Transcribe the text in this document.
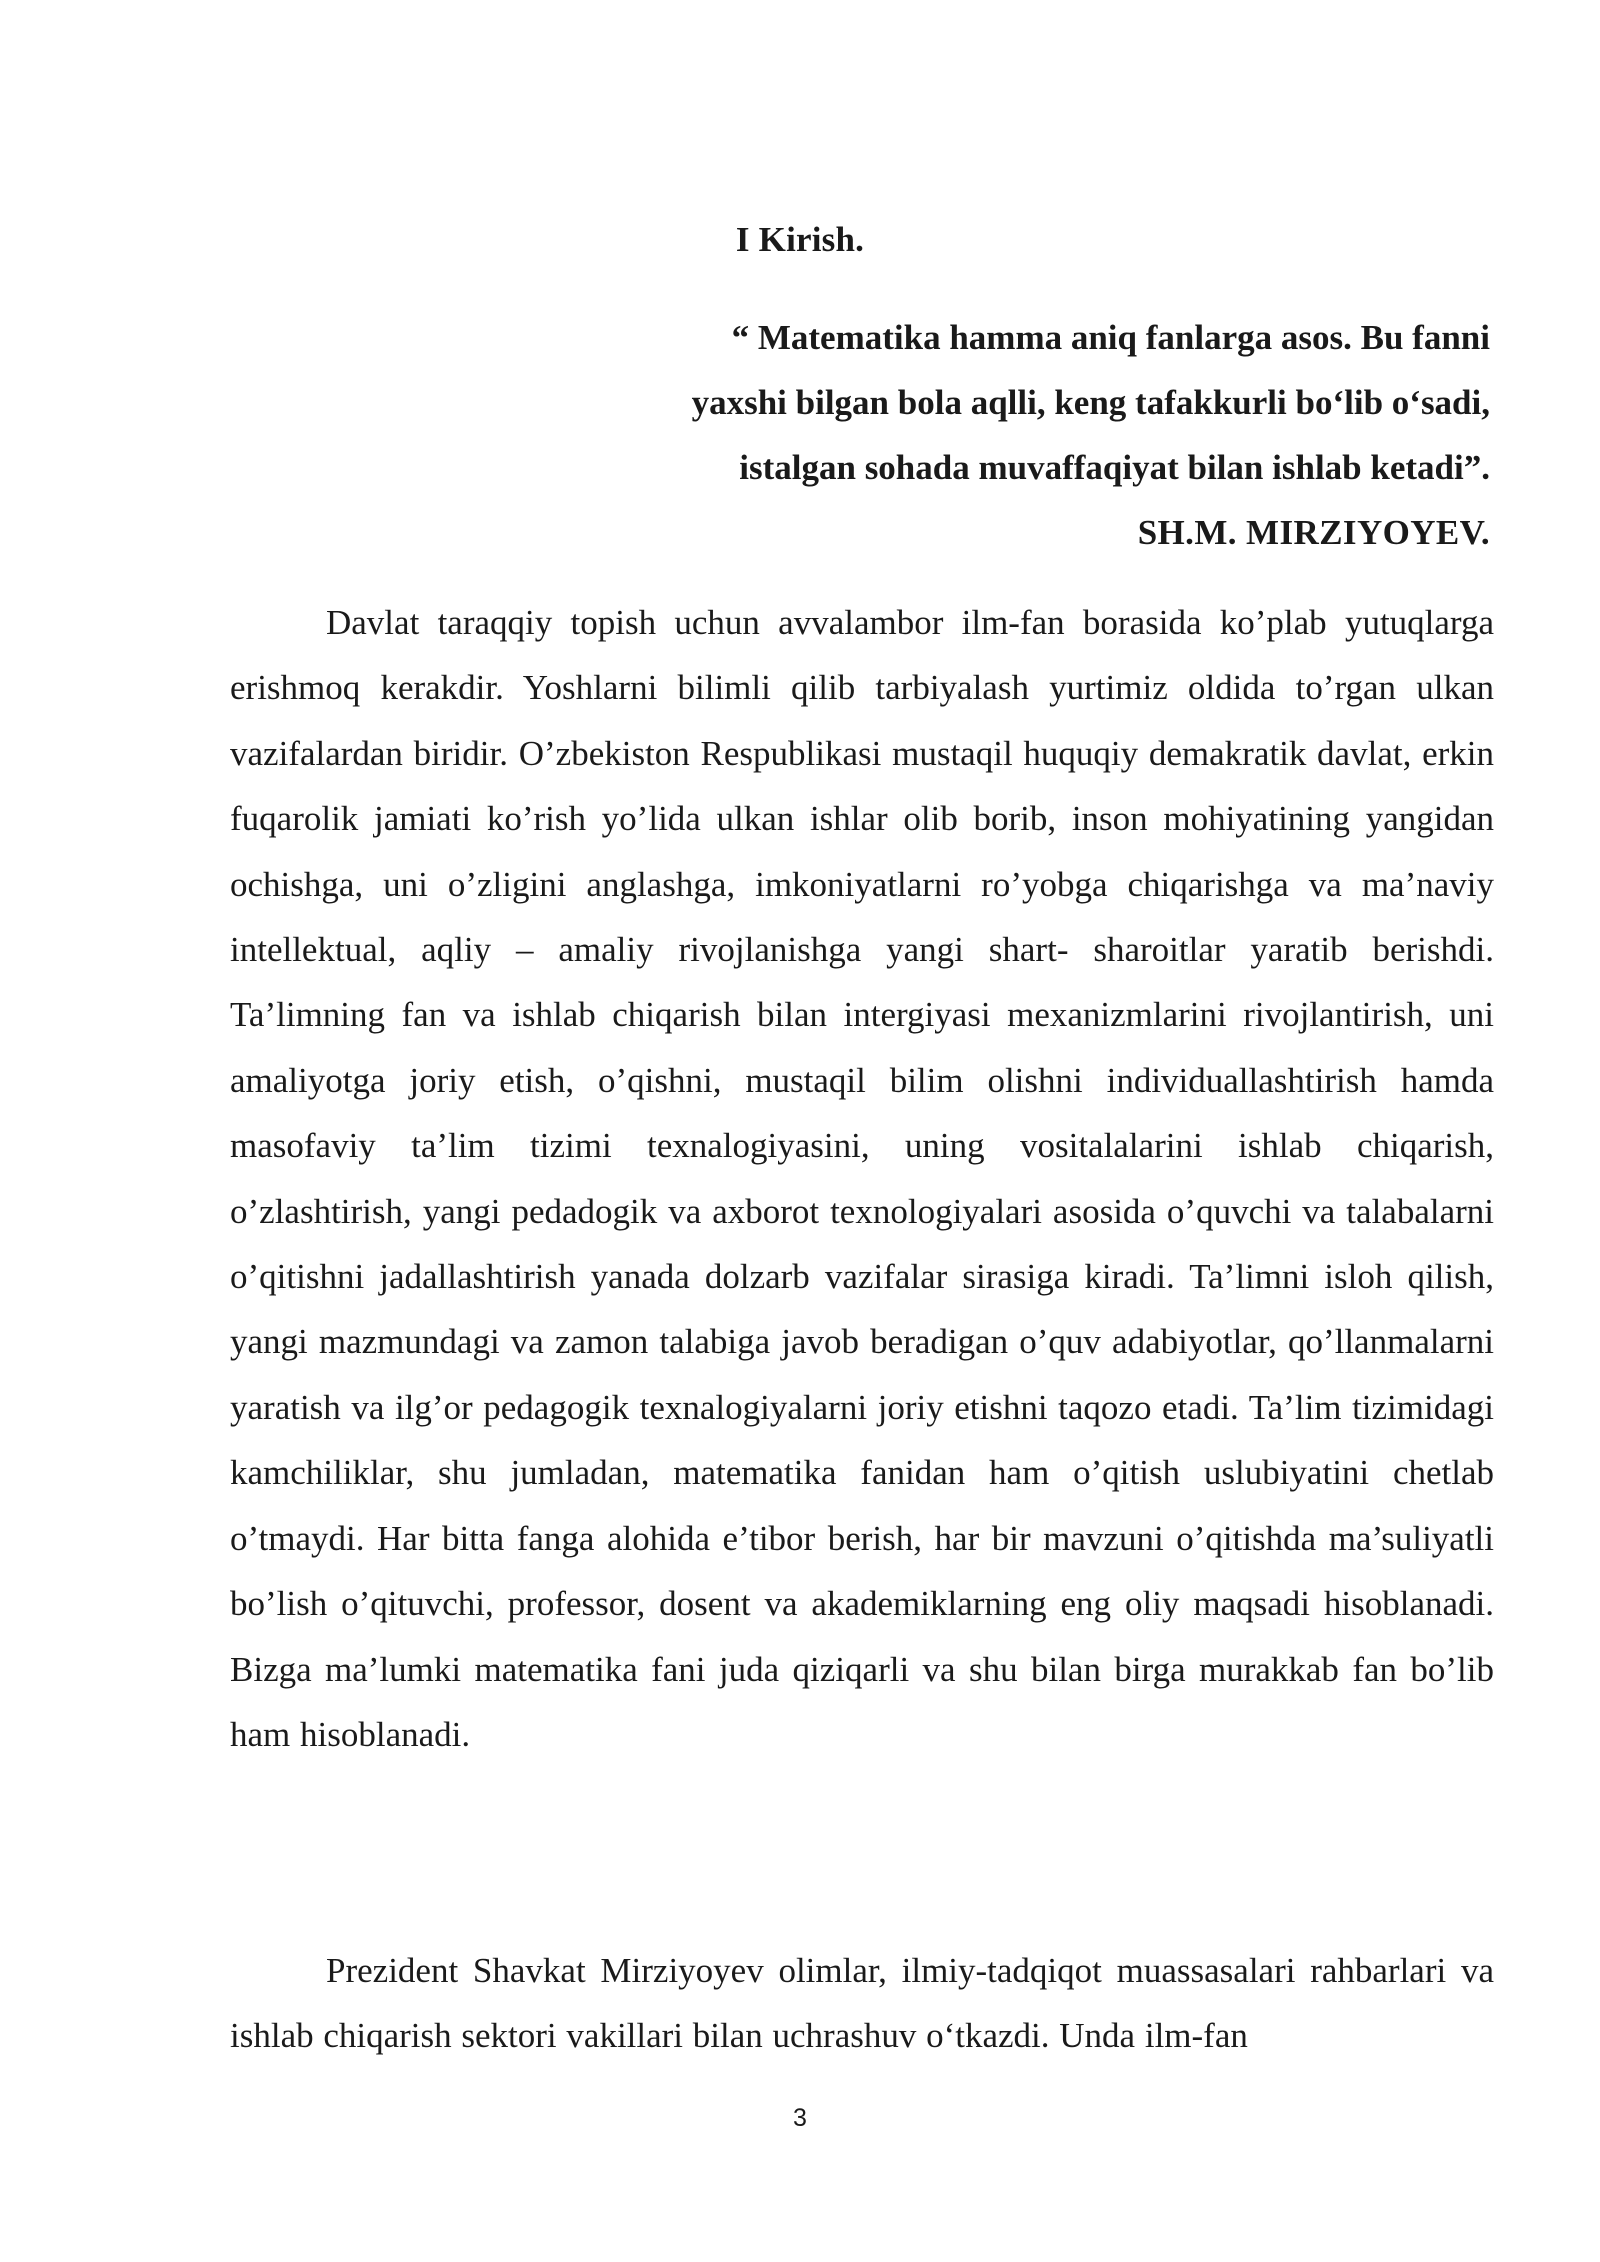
I Kirish.
“ Matematika hamma aniq fanlarga asos. Bu fanni
yaxshi bilgan bola aqlli, keng tafakkurli bo‘lib o‘sadi,
istalgan sohada muvaffaqiyat bilan ishlab ketadi”.
SH.M. MIRZIYOYEV.

Davlat taraqqiy topish uchun avvalambor ilm-fan borasida ko’plab yutuqlarga erishmoq kerakdir. Yoshlarni bilimli qilib tarbiyalash yurtimiz oldida to’rgan ulkan vazifalardan biridir. O’zbekiston Respublikasi mustaqil huquqiy demakratik davlat, erkin fuqarolik jamiati ko’rish yo’lida ulkan ishlar olib borib, inson mohiyatining yangidan ochishga, uni o’zligini anglashga, imkoniyatlarni ro’yobga chiqarishga va ma’naviy intellektual, aqliy – amaliy rivojlanishga yangi shart- sharoitlar yaratib berishdi. Ta’limning fan va ishlab chiqarish bilan intergiyasi mexanizmlarini rivojlantirish, uni amaliyotga joriy etish, o’qishni, mustaqil bilim olishni individuallashtirish hamda masofaviy ta’lim tizimi texnalogiyasini, uning vositalalarini ishlab chiqarish, o’zlashtirish, yangi pedadogik va axborot texnologiyalari asosida o’quvchi va talabalarni o’qitishni jadallashtirish yanada dolzarb vazifalar sirasiga kiradi. Ta’limni isloh qilish, yangi mazmundagi va zamon talabiga javob beradigan o’quv adabiyotlar, qo’llanmalarni yaratish va ilg’or pedagogik texnalogiyalarni joriy etishni taqozo etadi. Ta’lim tizimidagi kamchiliklar, shu jumladan, matematika fanidan ham o’qitish uslubiyatini chetlab o’tmaydi. Har bitta fanga alohida e’tibor berish, har bir mavzuni o’qitishda ma’suliyatli bo’lish o’qituvchi, professor, dosent va akademiklarning eng oliy maqsadi hisoblanadi. Bizga ma’lumki matematika fani juda qiziqarli va shu bilan birga murakkab fan bo’lib ham hisoblanadi.

Prezident Shavkat Mirziyoyev olimlar, ilmiy-tadqiqot muassasalari rahbarlari va ishlab chiqarish sektori vakillari bilan uchrashuv o‘tkazdi. Unda ilm-fan

3
